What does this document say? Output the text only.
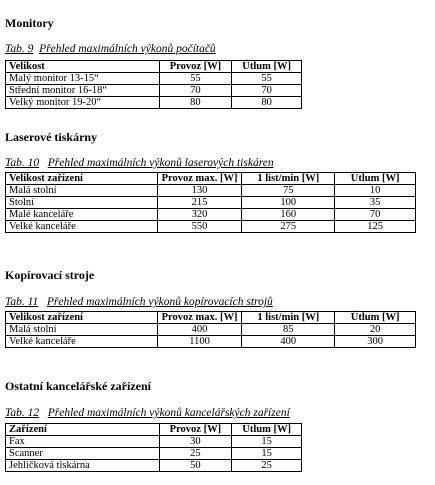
Monitory
Tab. 9 Přehled maximálních výkonů počítačů
Velikost	Provoz [W]	Útlum [W]
Malý monitor 13-15“	55	55
Střední monitor 16-18“	70	70
Velký monitor 19-20“	80	80
Laserové tiskárny
Tab. 10 Přehled maximálních výkonů laserových tiskáren
Velikost zařízení	Provoz max. [W]	1 list/min [W]	Útlum [W]
Malá stolní	130	75	10
Stolní	215	100	35
Malé kanceláře	320	160	70
Velké kanceláře	550	275	125
Kopírovací stroje
Tab. 11 Přehled maximálních výkonů kopírovacích strojů
Velikost zařízení	Provoz max. [W]	1 list/min [W]	Útlum [W]
Malá stolní	400	85	20
Velké kanceláře	1100	400	300
Ostatní kancelářské zařízení
Tab. 12 Přehled maximálních výkonů kancelářských zařízení
Zařízení	Provoz [W]	Útlum [W]
Fax	30	15
Scanner	25	15
Jehličková tiskárna	50	25
